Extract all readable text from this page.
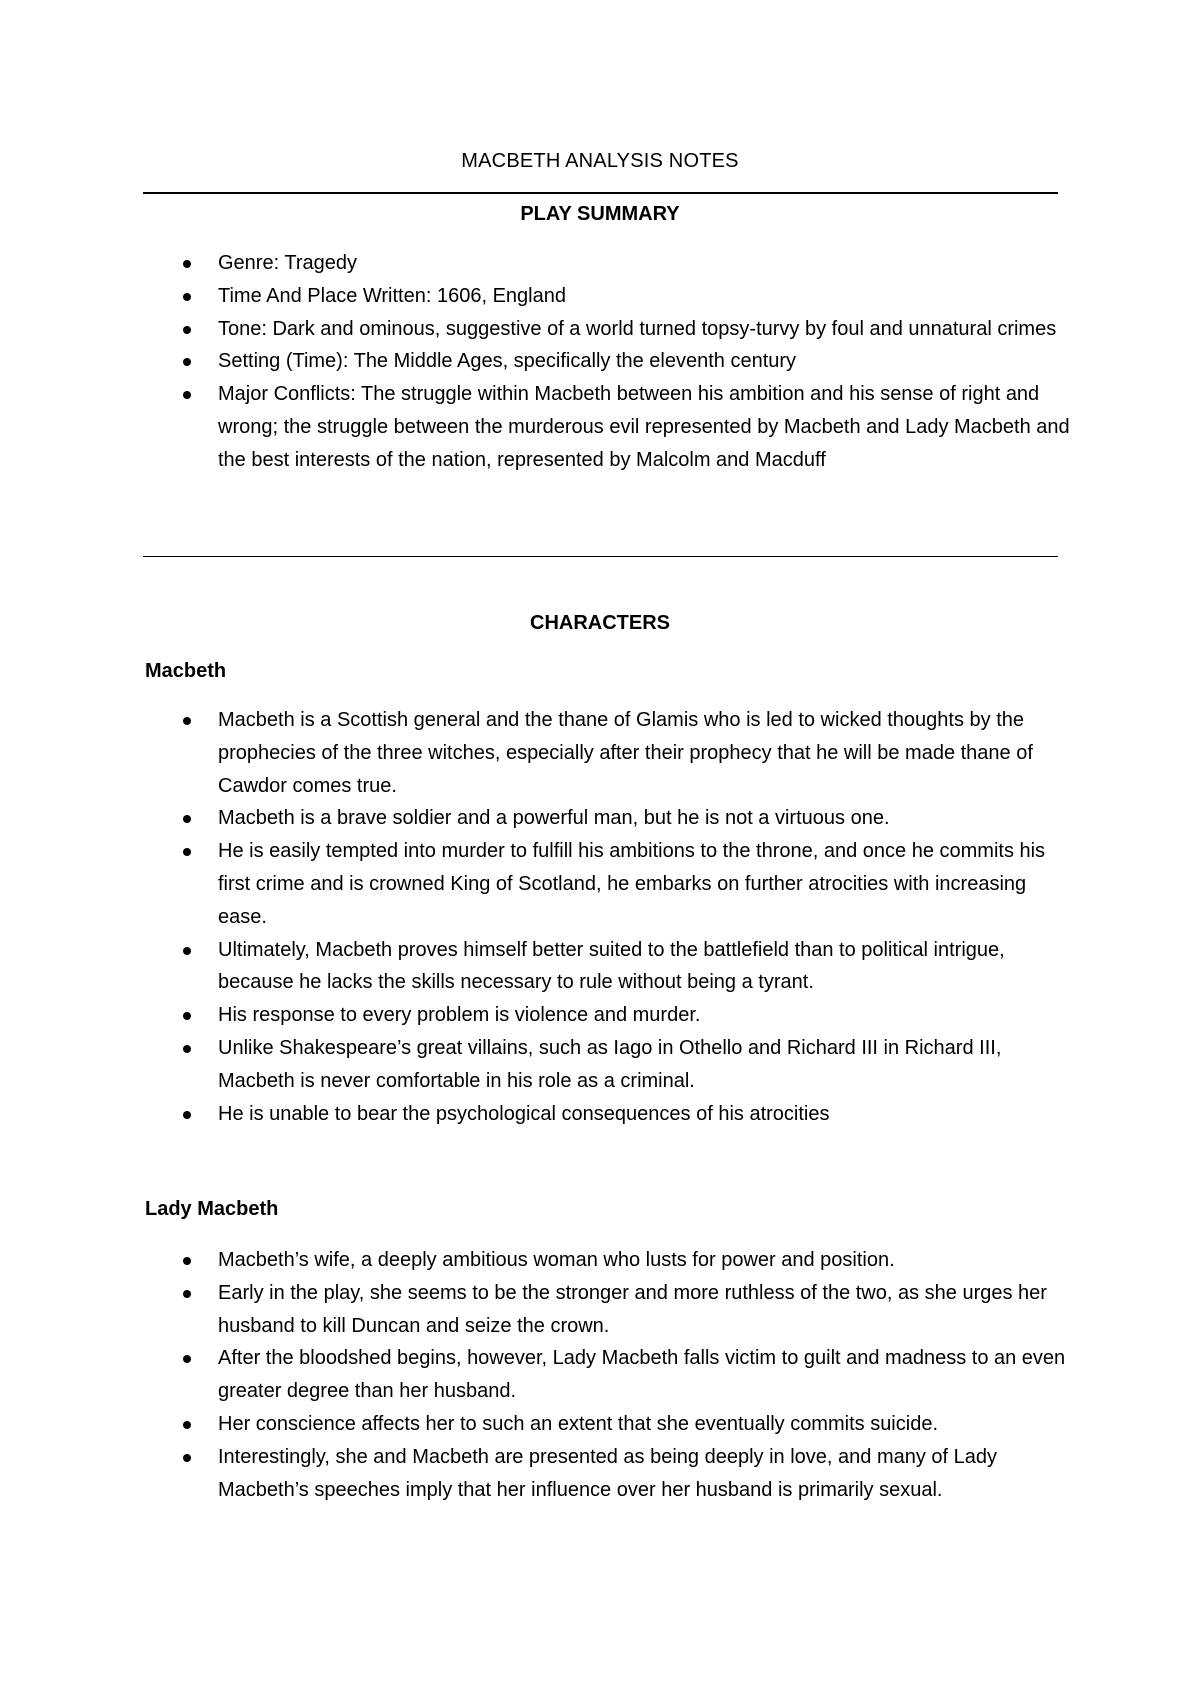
MACBETH ANALYSIS NOTES
PLAY SUMMARY
Genre: Tragedy
Time And Place Written: 1606, England
Tone: Dark and ominous, suggestive of a world turned topsy-turvy by foul and unnatural crimes
Setting (Time): The Middle Ages, specifically the eleventh century
Major Conflicts: The struggle within Macbeth between his ambition and his sense of right and wrong; the struggle between the murderous evil represented by Macbeth and Lady Macbeth and the best interests of the nation, represented by Malcolm and Macduff
CHARACTERS
Macbeth
Macbeth is a Scottish general and the thane of Glamis who is led to wicked thoughts by the prophecies of the three witches, especially after their prophecy that he will be made thane of Cawdor comes true.
Macbeth is a brave soldier and a powerful man, but he is not a virtuous one.
He is easily tempted into murder to fulfill his ambitions to the throne, and once he commits his first crime and is crowned King of Scotland, he embarks on further atrocities with increasing ease.
Ultimately, Macbeth proves himself better suited to the battlefield than to political intrigue, because he lacks the skills necessary to rule without being a tyrant.
His response to every problem is violence and murder.
Unlike Shakespeare’s great villains, such as Iago in Othello and Richard III in Richard III, Macbeth is never comfortable in his role as a criminal.
He is unable to bear the psychological consequences of his atrocities
Lady Macbeth
Macbeth’s wife, a deeply ambitious woman who lusts for power and position.
Early in the play, she seems to be the stronger and more ruthless of the two, as she urges her husband to kill Duncan and seize the crown.
After the bloodshed begins, however, Lady Macbeth falls victim to guilt and madness to an even greater degree than her husband.
Her conscience affects her to such an extent that she eventually commits suicide.
Interestingly, she and Macbeth are presented as being deeply in love, and many of Lady Macbeth’s speeches imply that her influence over her husband is primarily sexual.
